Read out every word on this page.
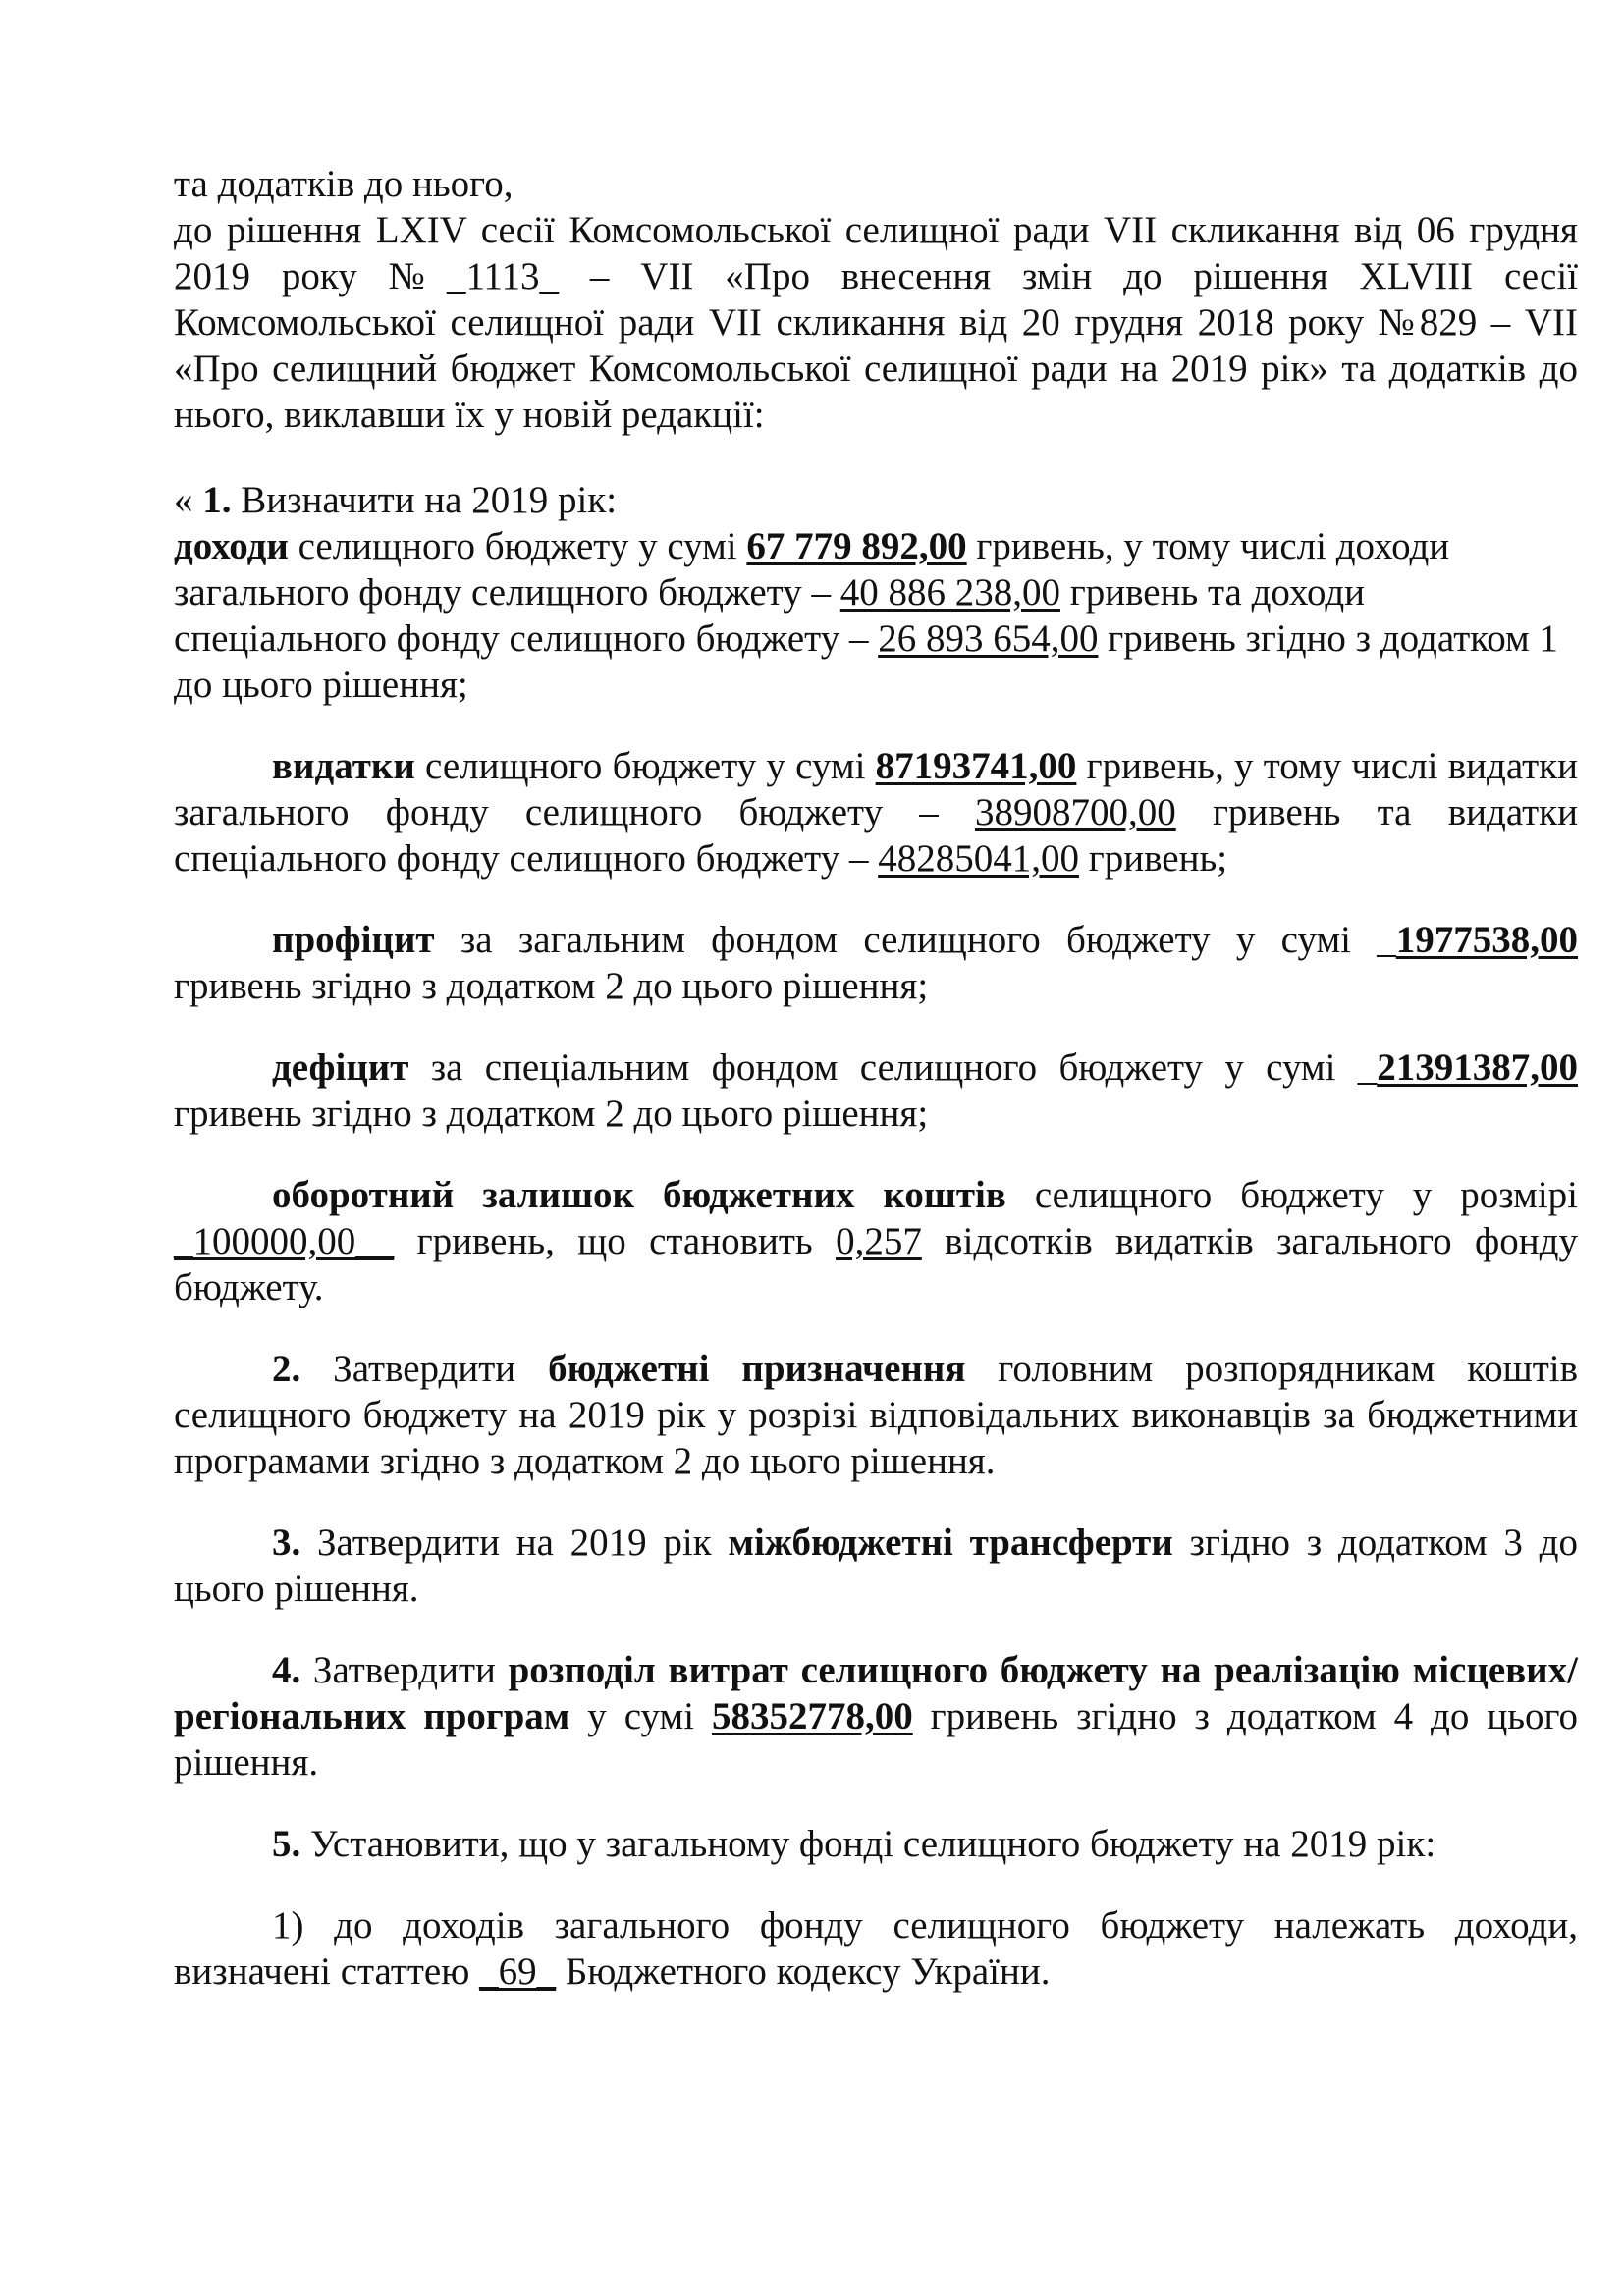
та додатків до нього,

до рішення LXIV сесії Комсомольської селищної ради VII скликання від 06 грудня 2019 року №_1113_ – VII «Про внесення змін до рішення XLVIII сесії Комсомольської селищної ради VII скликання від 20 грудня 2018 року №829 – VII «Про селищний бюджет Комсомольської селищної ради на 2019 рік» та додатків до нього, виклавши їх у новій редакції:

« 1. Визначити на 2019 рік:

доходи селищного бюджету у сумі 67 779 892,00 гривень, у тому числі доходи загального фонду селищного бюджету – 40 886 238,00 гривень та доходи спеціального фонду селищного бюджету – 26 893 654,00 гривень згідно з додатком 1 до цього рішення;

видатки селищного бюджету у сумі 87193741,00 гривень, у тому числі видатки загального фонду селищного бюджету – 38908700,00 гривень та видатки спеціального фонду селищного бюджету – 48285041,00 гривень;

профіцит за загальним фондом селищного бюджету у сумі _1977538,00 гривень згідно з додатком 2 до цього рішення;

дефіцит за спеціальним фондом селищного бюджету у сумі _21391387,00 гривень згідно з додатком 2 до цього рішення;

оборотний залишок бюджетних коштів селищного бюджету у розмірі _100000,00__ гривень, що становить 0,257 відсотків видатків загального фонду бюджету.

2. Затвердити бюджетні призначення головним розпорядникам коштів селищного бюджету на 2019 рік у розрізі відповідальних виконавців за бюджетними програмами згідно з додатком 2 до цього рішення.

3. Затвердити на 2019 рік міжбюджетні трансферти згідно з додатком 3 до цього рішення.

4. Затвердити розподіл витрат селищного бюджету на реалізацію місцевих/регіональних програм у сумі 58352778,00 гривень згідно з додатком 4 до цього рішення.

5. Установити, що у загальному фонді селищного бюджету на 2019 рік:

1) до доходів загального фонду селищного бюджету належать доходи, визначені статтею _69_ Бюджетного кодексу України.
